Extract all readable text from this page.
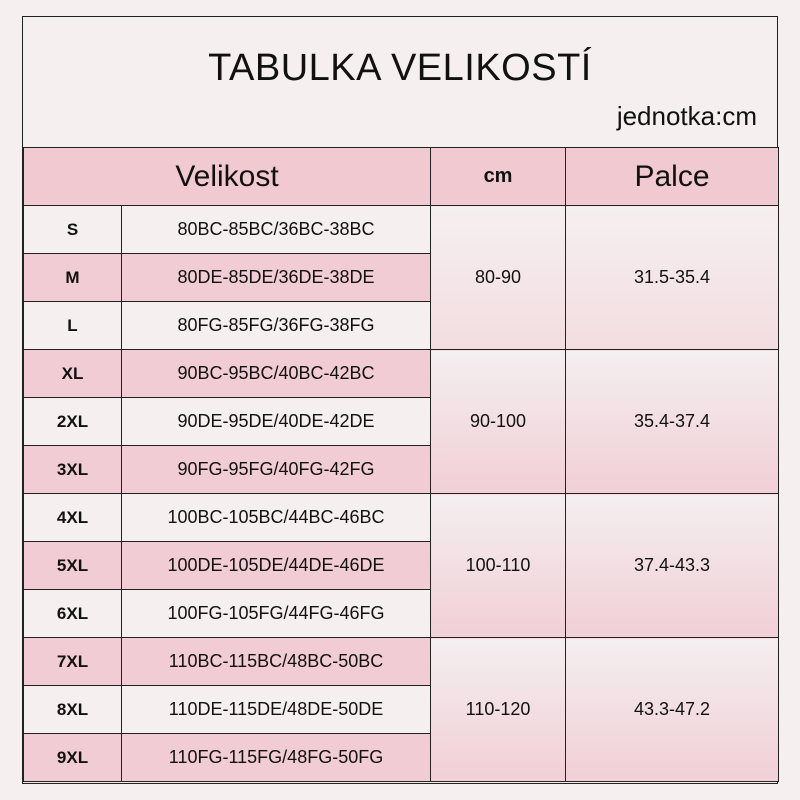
TABULKA VELIKOSTÍ
jednotka:cm
Velikost		cm	Palce
S	80BC-85BC/36BC-38BC	80-90	31.5-35.4
M	80DE-85DE/36DE-38DE		
L	80FG-85FG/36FG-38FG		
XL	90BC-95BC/40BC-42BC	90-100	35.4-37.4
2XL	90DE-95DE/40DE-42DE		
3XL	90FG-95FG/40FG-42FG		
4XL	100BC-105BC/44BC-46BC	100-110	37.4-43.3
5XL	100DE-105DE/44DE-46DE		
6XL	100FG-105FG/44FG-46FG		
7XL	110BC-115BC/48BC-50BC	110-120	43.3-47.2
8XL	110DE-115DE/48DE-50DE		
9XL	110FG-115FG/48FG-50FG		
